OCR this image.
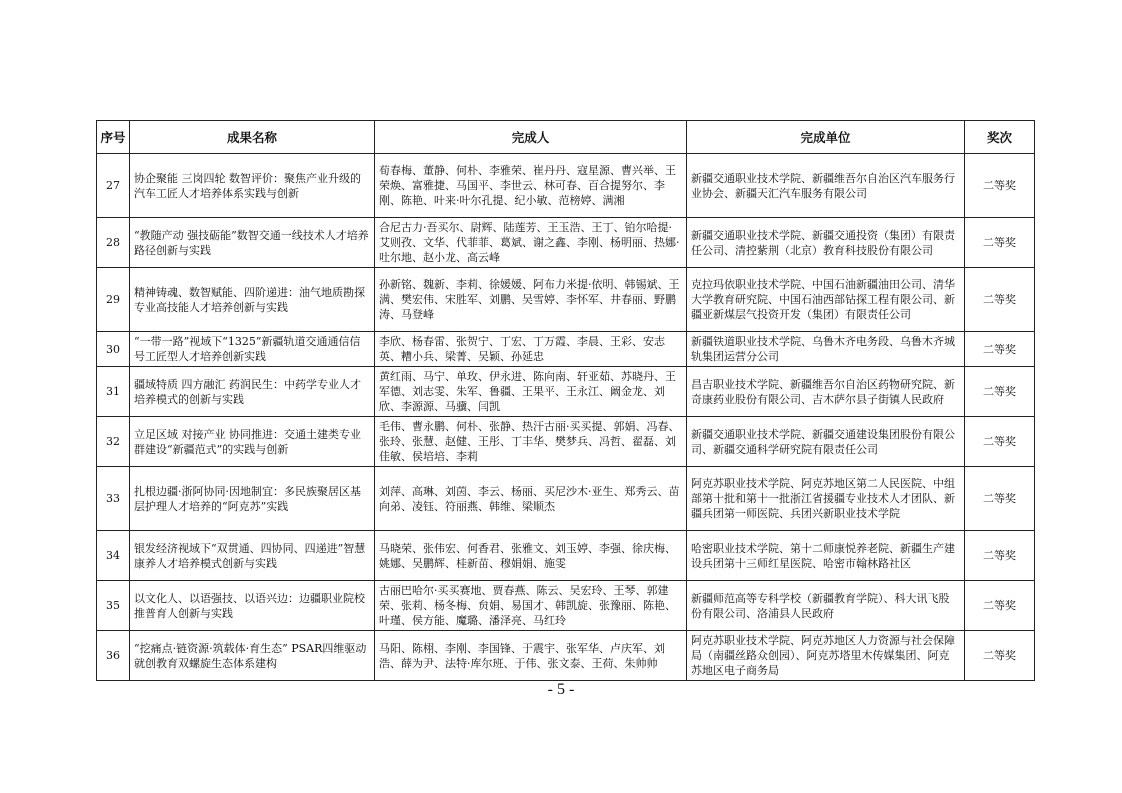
序号	成果名称	完成人	完成单位	奖次
27	协企聚能 三岗四轮 数智评价：聚焦产业升级的汽车工匠人才培养体系实践与创新	荀春梅、董静、何朴、李雅荣、崔丹丹、寇星源、曹兴举、王荣焕、富雅捷、马国平、李世云、林可春、百合提努尔、李刚、陈艳、叶来·叶尔孔提、纪小敏、范榜婷、满湘	新疆交通职业技术学院、新疆维吾尔自治区汽车服务行业协会、新疆天汇汽车服务有限公司	二等奖
28	“教随产动 强技砺能”数智交通一线技术人才培养路径创新与实践	合尼古力·吾买尔、尉辉、陆莲芳、王玉浩、王丁、铂尔哈提·艾则孜、文华、代菲菲、葛斌、谢之鑫、李刚、杨明丽、热娜·吐尔地、赵小龙、高云峰	新疆交通职业技术学院、新疆交通投资（集团）有限责任公司、清控紫荆（北京）教育科技股份有限公司	二等奖
29	精神铸魂、数智赋能、四阶递进：油气地质勘探专业高技能人才培养创新与实践	孙新铭、魏新、李莉、徐媛媛、阿布力米提·依明、韩锡斌、王满、樊宏伟、宋胜军、刘鹏、吴雪婷、李怀军、井春丽、野鹏涛、马登峰	克拉玛依职业技术学院、中国石油新疆油田公司、清华大学教育研究院、中国石油西部钻探工程有限公司、新疆亚新煤层气投资开发（集团）有限责任公司	二等奖
30	“一带一路”视域下“1325”新疆轨道交通通信信号工匠型人才培养创新实践	李欣、杨春雷、张贺宁、丁宏、丁万霞、李晨、王彩、安志英、糟小兵、梁菁、吴颖、孙延忠	新疆铁道职业技术学院、乌鲁木齐电务段、乌鲁木齐城轨集团运营分公司	二等奖
31	疆域特质 四方融汇 药润民生：中药学专业人才培养模式的创新与实践	黄红雨、马宁、单玫、伊永进、陈向南、轩亚茹、苏晓丹、王军德、刘志雯、朱军、鲁疆、王果平、王永江、阚金龙、刘欣、李源源、马骥、闫凯	昌吉职业技术学院、新疆维吾尔自治区药物研究院、新奇康药业股份有限公司、吉木萨尔县子街镇人民政府	二等奖
32	立足区域 对接产业 协同推进：交通土建类专业群建设“新疆范式”的实践与创新	毛伟、曹永鹏、何朴、张静、热汗古丽·买买提、郭娟、冯春、张玲、张慧、赵健、王彤、丁丰华、樊梦兵、冯哲、翟磊、刘佳敏、侯培培、李莉	新疆交通职业技术学院、新疆交通建设集团股份有限公司、新疆交通科学研究院有限责任公司	二等奖
33	扎根边疆·浙阿协同·因地制宜：多民族聚居区基层护理人才培养的“阿克苏”实践	刘萍、高琳、刘茵、李云、杨丽、买尼沙木·亚生、郑秀云、苗向弟、凌钰、符丽燕、韩维、梁顺杰	阿克苏职业技术学院、阿克苏地区第二人民医院、中组部第十批和第十一批浙江省援疆专业技术人才团队、新疆兵团第一师医院、兵团兴新职业技术学院	二等奖
34	银发经济视域下“双贯通、四协同、四递进”智慧康养人才培养模式创新与实践	马晓荣、张伟宏、何香君、张雅文、刘玉婷、李强、徐庆梅、姚娜、吴鹏辉、桂新苗、穆娟娟、施雯	哈密职业技术学院、第十二师康悦养老院、新疆生产建设兵团第十三师红星医院、哈密市翰林路社区	二等奖
35	以文化人、以语强技、以语兴边：边疆职业院校推普育人创新与实践	古丽巴哈尔·买买赛地、贾春燕、陈云、吴宏玲、王琴、郭建荣、张莉、杨冬梅、贠娟、易国才、韩凯旋、张豫丽、陈艳、叶瑾、侯方能、魔璐、潘泽亮、马红玲	新疆师范高等专科学校（新疆教育学院）、科大讯飞股份有限公司、洛浦县人民政府	二等奖
36	“挖痛点·链资源·筑载体·育生态” PSAR四维驱动就创教育双螺旋生态体系建构	马阳、陈栩、李刚、李国锋、于震宇、张军华、卢庆军、刘浩、薛为尹、法特·库尔班、于伟、张文泰、王荷、朱帅帅	阿克苏职业技术学院、阿克苏地区人力资源与社会保障局（南疆丝路众创园）、阿克苏塔里木传媒集团、阿克苏地区电子商务局	二等奖
- 5 -
